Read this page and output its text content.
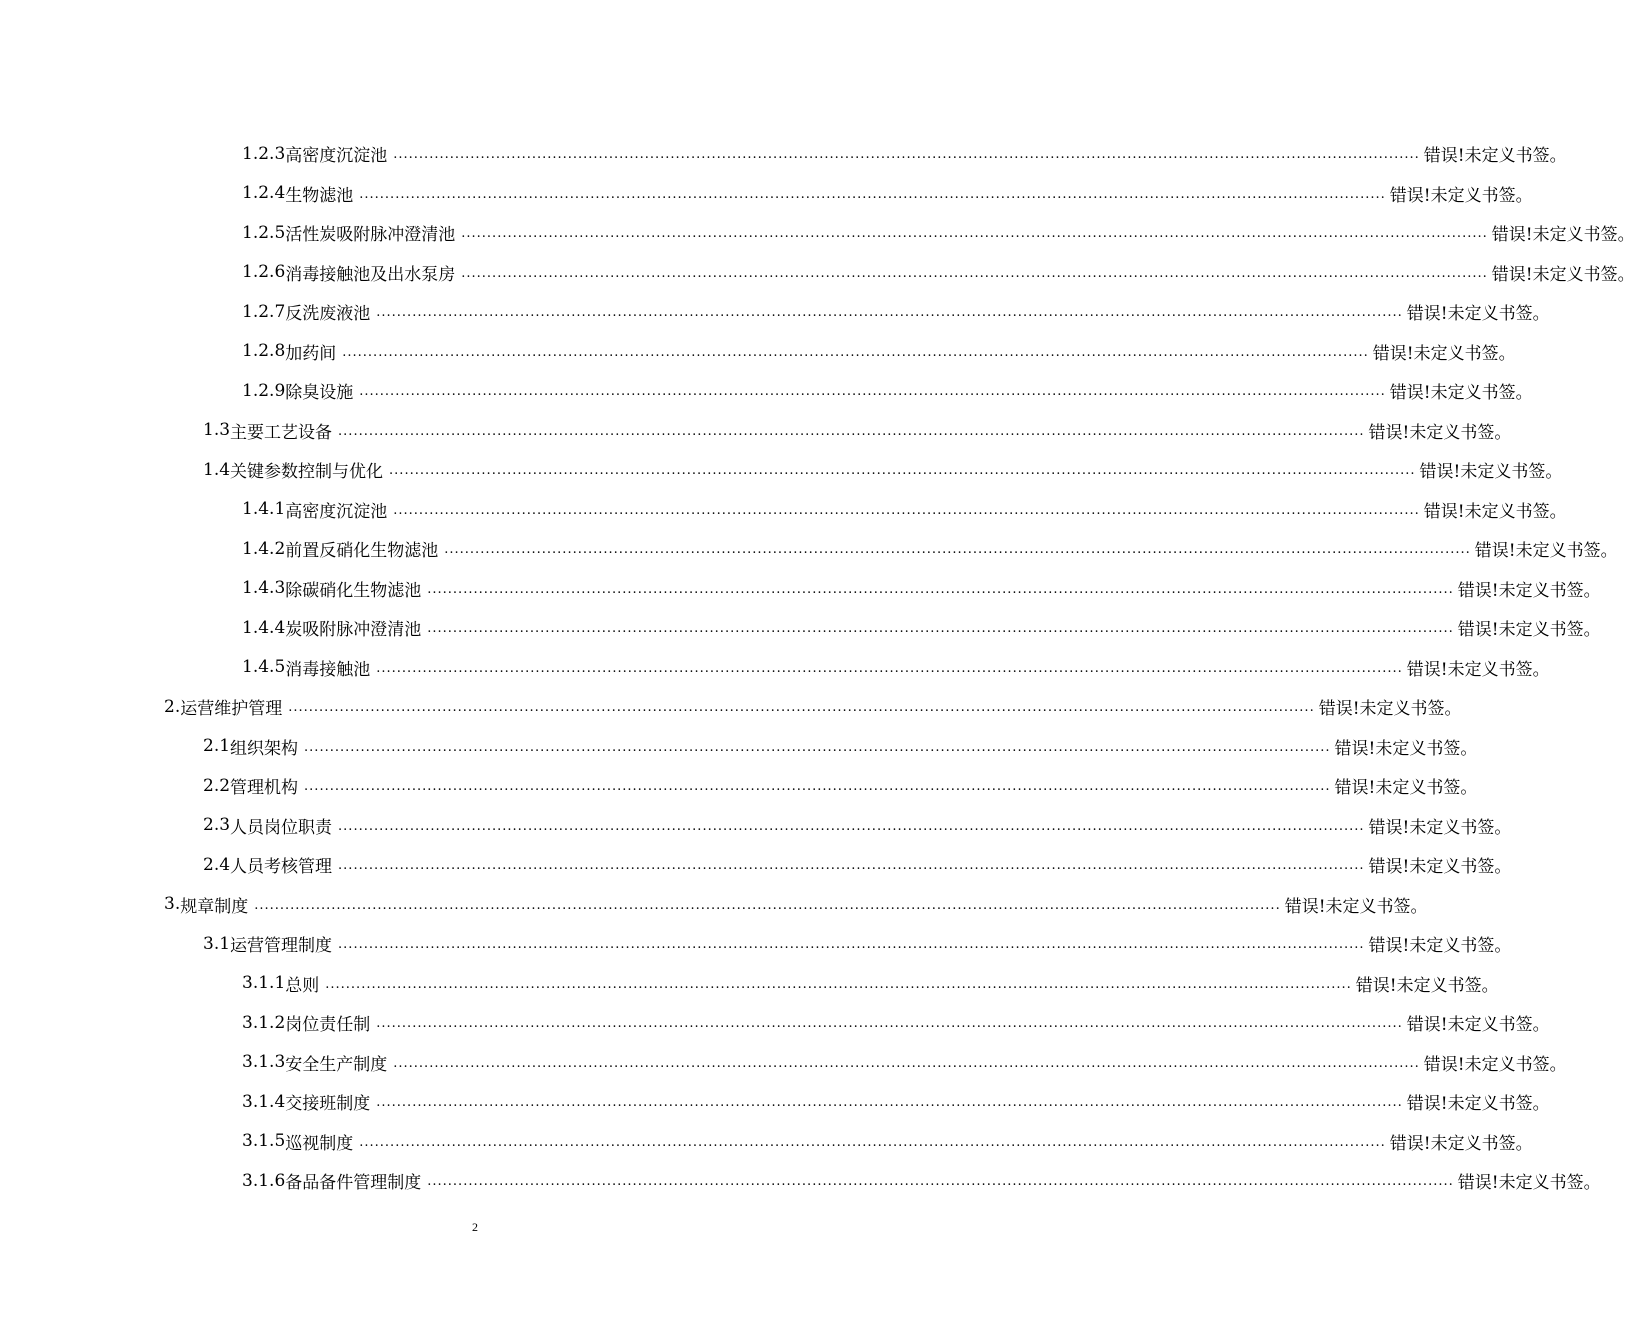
1.2.3 高密度沉淀池 ........................................................................................................................................................................................................ 错误!未定义书签。
1.2.4 生物滤池 ........................................................................................................................................................................................................ 错误!未定义书签。
1.2.5 活性炭吸附脉冲澄清池 ........................................................................................................................................................................................................ 错误!未定义书签。
1.2.6 消毒接触池及出水泵房 ........................................................................................................................................................................................................ 错误!未定义书签。
1.2.7 反洗废液池 ........................................................................................................................................................................................................ 错误!未定义书签。
1.2.8 加药间 ........................................................................................................................................................................................................ 错误!未定义书签。
1.2.9 除臭设施 ........................................................................................................................................................................................................ 错误!未定义书签。
1.3 主要工艺设备 ........................................................................................................................................................................................................ 错误!未定义书签。
1.4 关键参数控制与优化 ........................................................................................................................................................................................................ 错误!未定义书签。
1.4.1 高密度沉淀池 ........................................................................................................................................................................................................ 错误!未定义书签。
1.4.2 前置反硝化生物滤池 ........................................................................................................................................................................................................ 错误!未定义书签。
1.4.3 除碳硝化生物滤池 ........................................................................................................................................................................................................ 错误!未定义书签。
1.4.4 炭吸附脉冲澄清池 ........................................................................................................................................................................................................ 错误!未定义书签。
1.4.5 消毒接触池 ........................................................................................................................................................................................................ 错误!未定义书签。
2. 运营维护管理 ........................................................................................................................................................................................................ 错误!未定义书签。
2.1 组织架构 ........................................................................................................................................................................................................ 错误!未定义书签。
2.2 管理机构 ........................................................................................................................................................................................................ 错误!未定义书签。
2.3 人员岗位职责 ........................................................................................................................................................................................................ 错误!未定义书签。
2.4 人员考核管理 ........................................................................................................................................................................................................ 错误!未定义书签。
3. 规章制度 ........................................................................................................................................................................................................ 错误!未定义书签。
3.1 运营管理制度 ........................................................................................................................................................................................................ 错误!未定义书签。
3.1.1 总则 ........................................................................................................................................................................................................ 错误!未定义书签。
3.1.2 岗位责任制 ........................................................................................................................................................................................................ 错误!未定义书签。
3.1.3 安全生产制度 ........................................................................................................................................................................................................ 错误!未定义书签。
3.1.4 交接班制度 ........................................................................................................................................................................................................ 错误!未定义书签。
3.1.5 巡视制度 ........................................................................................................................................................................................................ 错误!未定义书签。
3.1.6 备品备件管理制度 ........................................................................................................................................................................................................ 错误!未定义书签。
2
